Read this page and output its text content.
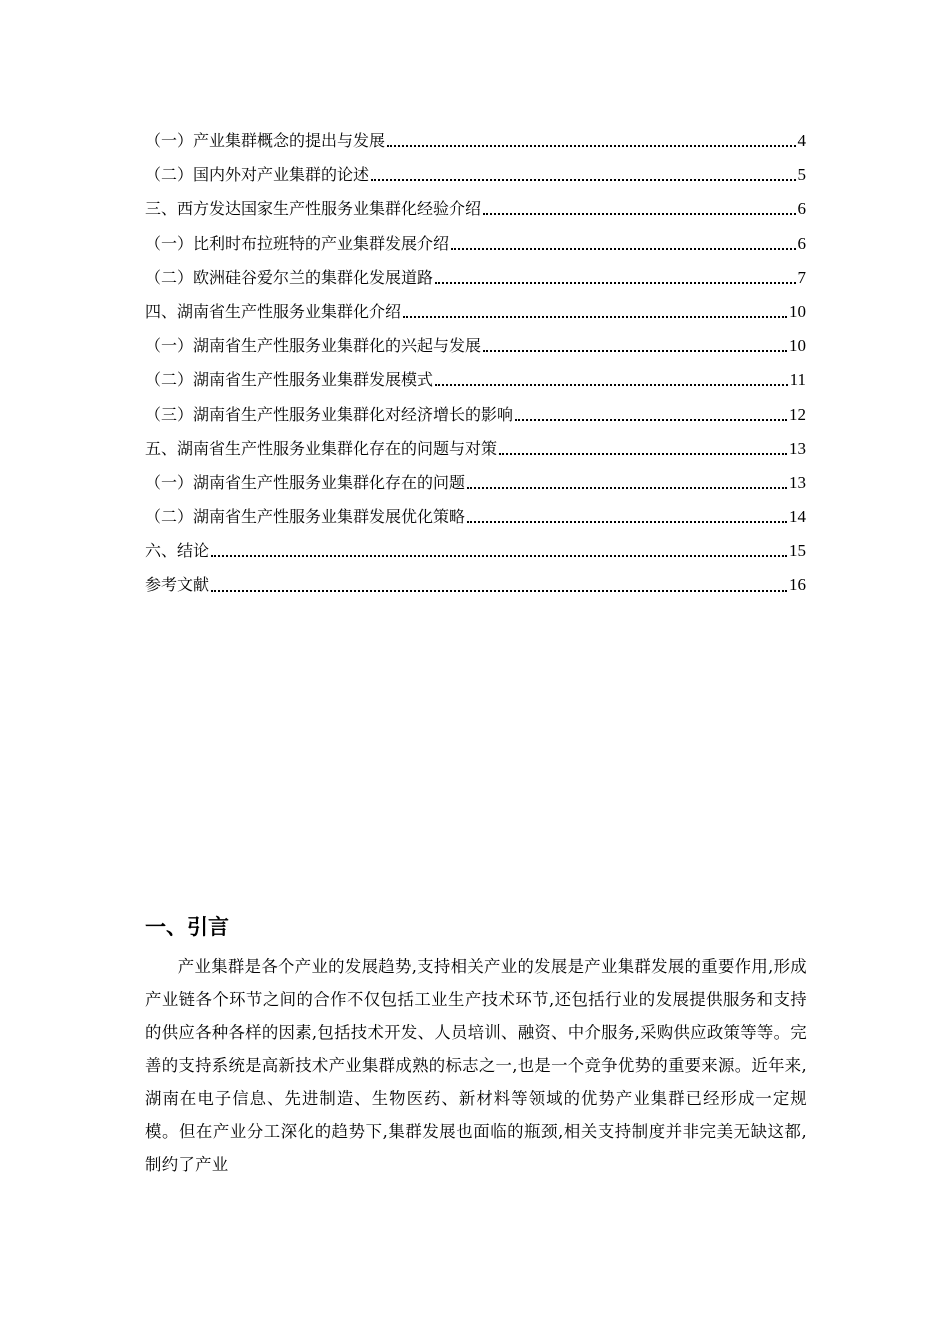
（一）产业集群概念的提出与发展	4
（二）国内外对产业集群的论述	5
三、西方发达国家生产性服务业集群化经验介绍	6
（一）比利时布拉班特的产业集群发展介绍	6
（二）欧洲硅谷爱尔兰的集群化发展道路	7
四、湖南省生产性服务业集群化介绍	10
（一）湖南省生产性服务业集群化的兴起与发展	10
（二）湖南省生产性服务业集群发展模式	11
（三）湖南省生产性服务业集群化对经济增长的影响	12
五、湖南省生产性服务业集群化存在的问题与对策	13
（一）湖南省生产性服务业集群化存在的问题	13
（二）湖南省生产性服务业集群发展优化策略	14
六、结论	15
参考文献	16
一、引言

产业集群是各个产业的发展趋势,支持相关产业的发展是产业集群发展的重要作用,形成产业链各个环节之间的合作不仅包括工业生产技术环节,还包括行业的发展提供服务和支持的供应各种各样的因素,包括技术开发、人员培训、融资、中介服务,采购供应政策等等。完善的支持系统是高新技术产业集群成熟的标志之一,也是一个竞争优势的重要来源。近年来,湖南在电子信息、先进制造、生物医药、新材料等领域的优势产业集群已经形成一定规模。但在产业分工深化的趋势下,集群发展也面临的瓶颈,相关支持制度并非完美无缺这都,制约了产业
